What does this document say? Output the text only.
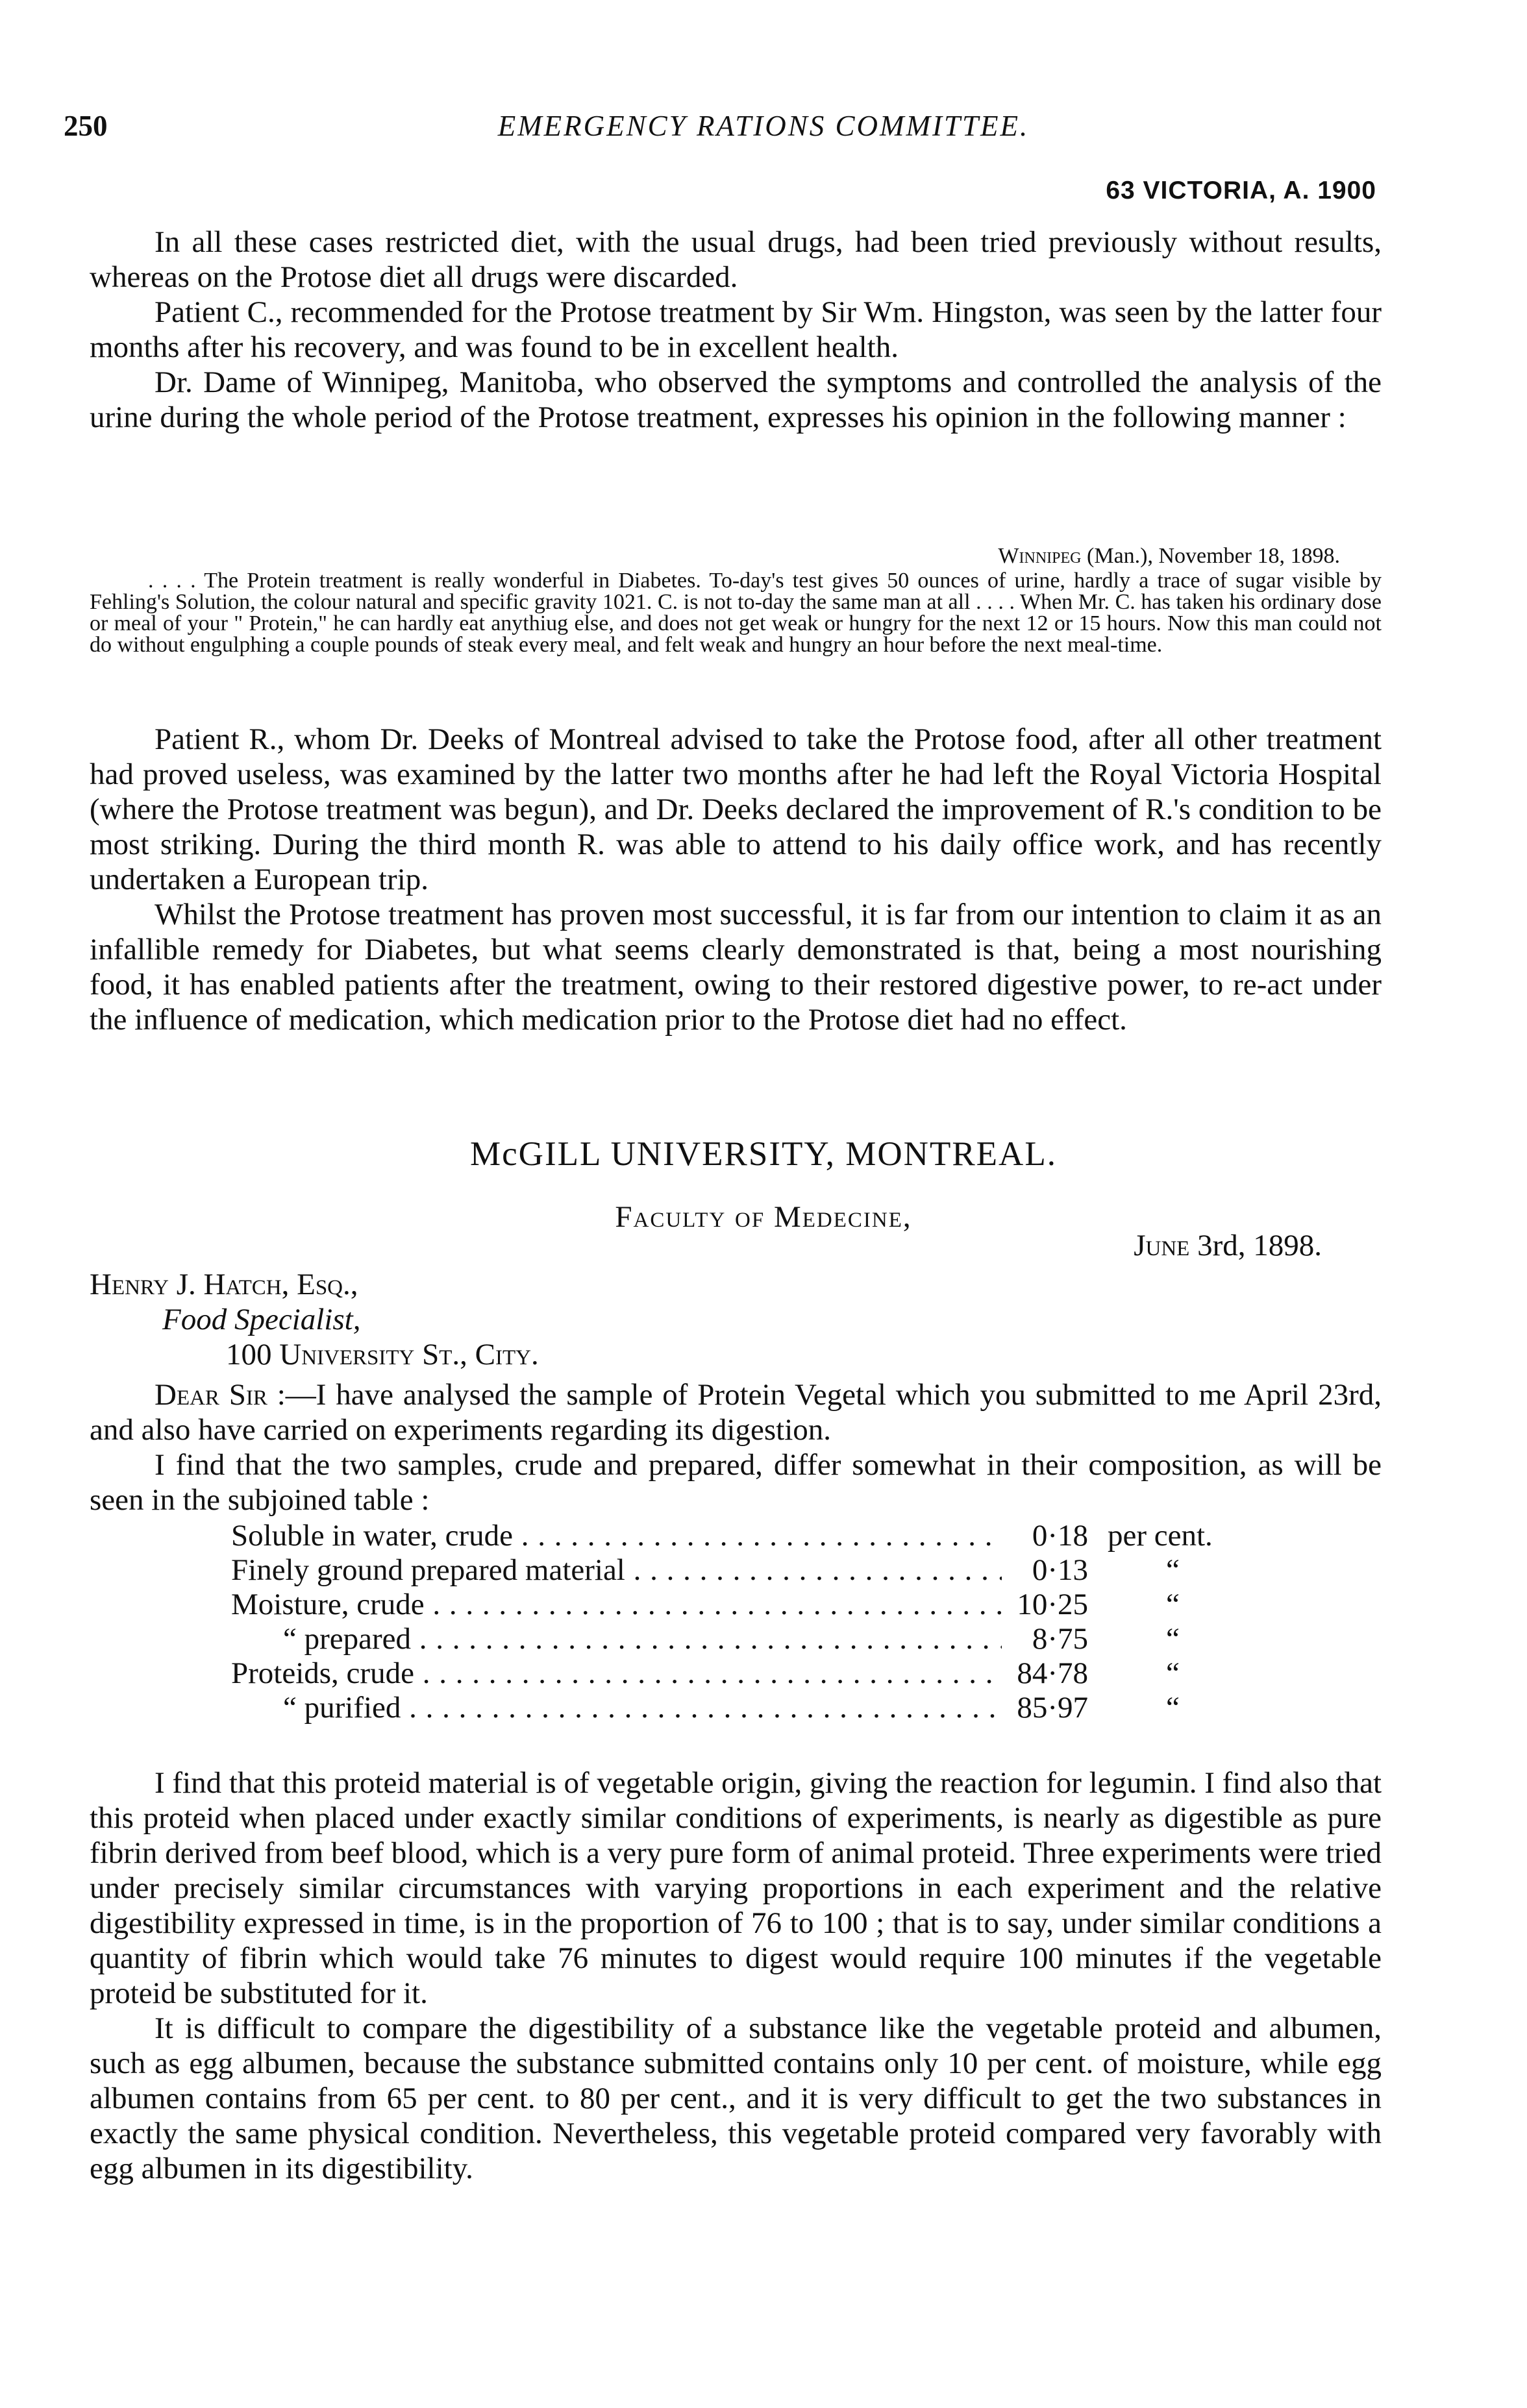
250	EMERGENCY RATIONS COMMITTEE.
63 VICTORIA, A. 1900

In all these cases restricted diet, with the usual drugs, had been tried previously without results, whereas on the Protose diet all drugs were discarded.

Patient C., recommended for the Protose treatment by Sir Wm. Hingston, was seen by the latter four months after his recovery, and was found to be in excellent health.

Dr. Dame of Winnipeg, Manitoba, who observed the symptoms and controlled the analysis of the urine during the whole period of the Protose treatment, expresses his opinion in the following manner :

Winnipeg (Man.), November 18, 1898.

. . . . The Protein treatment is really wonderful in Diabetes. To-day's test gives 50 ounces of urine, hardly a trace of sugar visible by Fehling's Solution, the colour natural and specific gravity 1021. C. is not to-day the same man at all . . . . When Mr. C. has taken his ordinary dose or meal of your " Protein," he can hardly eat anythiug else, and does not get weak or hungry for the next 12 or 15 hours. Now this man could not do without engulphing a couple pounds of steak every meal, and felt weak and hungry an hour before the next meal-time.

Patient R., whom Dr. Deeks of Montreal advised to take the Protose food, after all other treatment had proved useless, was examined by the latter two months after he had left the Royal Victoria Hospital (where the Protose treatment was begun), and Dr. Deeks declared the improvement of R.'s condition to be most striking. During the third month R. was able to attend to his daily office work, and has recently undertaken a European trip.

Whilst the Protose treatment has proven most successful, it is far from our intention to claim it as an infallible remedy for Diabetes, but what seems clearly demonstrated is that, being a most nourishing food, it has enabled patients after the treatment, owing to their restored digestive power, to re-act under the influence of medication, which medication prior to the Protose diet had no effect.

McGILL UNIVERSITY, MONTREAL.
Faculty of Medecine,
June 3rd, 1898.
Henry J. Hatch, Esq.,
Food Specialist,
100 University St., City.

Dear Sir :—I have analysed the sample of Protein Vegetal which you submitted to me April 23rd, and also have carried on experiments regarding its digestion.

I find that the two samples, crude and prepared, differ somewhat in their composition, as will be seen in the subjoined table :

Soluble in water, crude . . .	0·18 per cent.
Finely ground prepared material . . .	0·13	“
Moisture, crude . . .	10·25	“
“ prepared . . .	8·75	“
Proteids, crude . . .	84·78	“
“ purified . . .	85·97	“

I find that this proteid material is of vegetable origin, giving the reaction for legumin. I find also that this proteid when placed under exactly similar conditions of experiments, is nearly as digestible as pure fibrin derived from beef blood, which is a very pure form of animal proteid. Three experiments were tried under precisely similar circumstances with varying proportions in each experiment and the relative digestibility expressed in time, is in the proportion of 76 to 100 ; that is to say, under similar conditions a quantity of fibrin which would take 76 minutes to digest would require 100 minutes if the vegetable proteid be substituted for it.

It is difficult to compare the digestibility of a substance like the vegetable proteid and albumen, such as egg albumen, because the substance submitted contains only 10 per cent. of moisture, while egg albumen contains from 65 per cent. to 80 per cent., and it is very difficult to get the two substances in exactly the same physical condition. Nevertheless, this vegetable proteid compared very favorably with egg albumen in its digestibility.
